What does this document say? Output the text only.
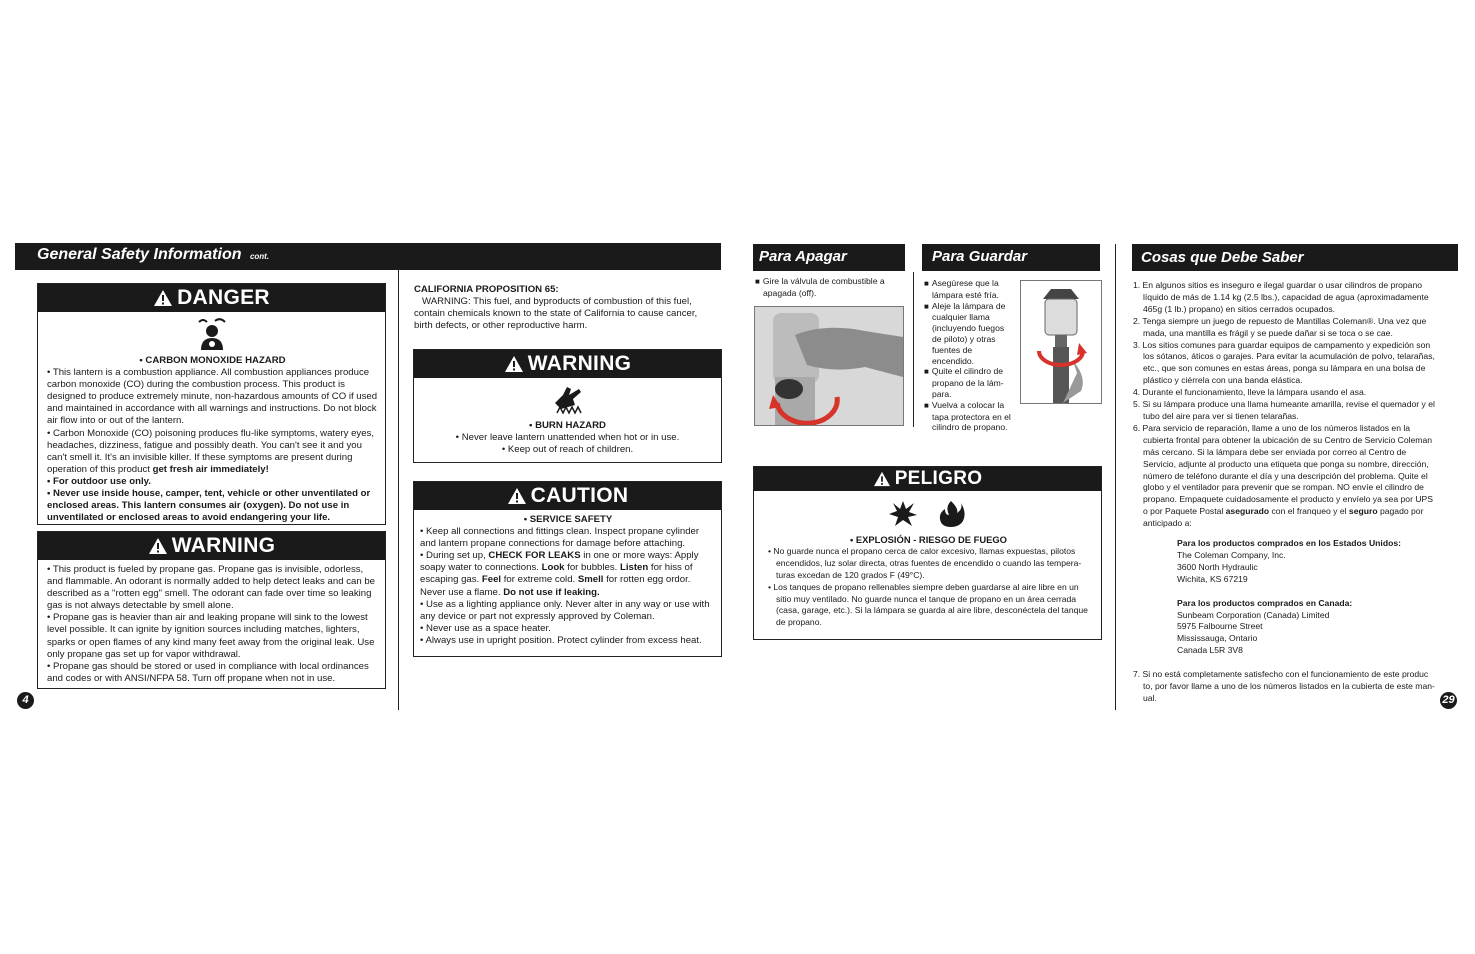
General Safety Information cont.
DANGER

• CARBON MONOXIDE HAZARD

• This lantern is a combustion appliance. All combustion appliances produce carbon monoxide (CO) during the combustion process. This product is designed to produce extremely minute, non-hazardous amounts of CO if used and maintained in accordance with all warnings and instructions. Do not block air flow into or out of the lantern.

• Carbon Monoxide (CO) poisoning produces flu-like symptoms, watery eyes, headaches, dizziness, fatigue and possibly death. You can't see it and you can't smell it. It's an invisible killer. If these symptoms are present during operation of this product get fresh air immediately!

• For outdoor use only.

• Never use inside house, camper, tent, vehicle or other unventilated or enclosed areas. This lantern consumes air (oxygen). Do not use in unventilated or enclosed areas to avoid endangering your life.

WARNING

• This product is fueled by propane gas. Propane gas is invisible, odorless, and flammable. An odorant is normally added to help detect leaks and can be described as a "rotten egg" smell. The odorant can fade over time so leaking gas is not always detectable by smell alone.

• Propane gas is heavier than air and leaking propane will sink to the lowest level possible. It can ignite by ignition sources including matches, lighters, sparks or open flames of any kind many feet away from the original leak. Use only propane gas set up for vapor withdrawal.

• Propane gas should be stored or used in compliance with local ordinances and codes or with ANSI/NFPA 58. Turn off propane when not in use.

4

CALIFORNIA PROPOSITION 65:

WARNING: This fuel, and byproducts of combustion of this fuel, contain chemicals known to the state of California to cause cancer, birth defects, or other reproductive harm.

WARNING

• BURN HAZARD

• Never leave lantern unattended when hot or in use.

• Keep out of reach of children.

CAUTION

• SERVICE SAFETY

• Keep all connections and fittings clean. Inspect propane cylinder and lantern propane connections for damage before attaching.

• During set up, CHECK FOR LEAKS in one or more ways: Apply soapy water to connections. Look for bubbles. Listen for hiss of escaping gas. Feel for extreme cold. Smell for rotten egg ordor. Never use a flame. Do not use if leaking.

• Use as a lighting appliance only. Never alter in any way or use with any device or part not expressly approved by Coleman.

• Never use as a space heater.

• Always use in upright position. Protect cylinder from excess heat.

Para Apagar	Para Guardar	Cosas que Debe Saber

■ Gire la válvula de combustible a apagada (off).

■ Asegúrese que la lámpara esté fría.

■ Aleje la lámpara de cualquier llama (incluyendo fuegos de piloto) y otras fuentes de encendido.

■ Quite el cilindro de propano de la lám-para.

■ Vuelva a colocar la tapa protectora en el cilindro de propano.

PELIGRO

• EXPLOSIÓN - RIESGO DE FUEGO

• No guarde nunca el propano cerca de calor excesivo, llamas expuestas, pilotos encendidos, luz solar directa, otras fuentes de encendido o cuando las tempera-turas excedan de 120 grados F (49°C).

• Los tanques de propano rellenables siempre deben guardarse al aire libre en un sitio muy ventilado. No guarde nunca el tanque de propano en un área cerrada (casa, garage, etc.). Si la lámpara se guarda al aire libre, desconéctela del tanque de propano.

1. En algunos sitios es inseguro e ilegal guardar o usar cilindros de propano líquido de más de 1.14 kg (2.5 lbs.), capacidad de agua (aproximadamente 465g (1 lb.) propano) en sitios cerrados ocupados.
2. Tenga siempre un juego de repuesto de Mantillas Coleman®. Una vez que mada, una mantilla es frágil y se puede dañar si se toca o se cae.
3. Los sitios comunes para guardar equipos de campamento y expedición son los sótanos, áticos o garajes. Para evitar la acumulación de polvo, telarañas, etc., que son comunes en estas áreas, ponga su lámpara en una bolsa de plástico y ciérrela con una banda elástica.
4. Durante el funcionamiento, lleve la lámpara usando el asa.
5. Si su lámpara produce una llama humeante amarilla, revise el quemador y el tubo del aire para ver si tienen telarañas.
6. Para servicio de reparación, llame a uno de los números listados en la cubierta frontal para obtener la ubicación de su Centro de Servicio Coleman más cercano. Si la lámpara debe ser enviada por correo al Centro de Servicio, adjunte al producto una etiqueta que ponga su nombre, dirección, número de teléfono durante el día y una descripción del problema. Quite el globo y el ventilador para prevenir que se rompan. NO envíe el cilindro de propano. Empaquete cuidadosamente el producto y envíelo ya sea por UPS o por Paquete Postal asegurado con el franqueo y el seguro pagado por anticipado a:

Para los productos comprados en los Estados Unidos:

The Coleman Company, Inc.

3600 North Hydraulic

Wichita, KS 67219

Para los productos comprados en Canada:

Sunbeam Corporation (Canada) Limited

5975 Falbourne Street

Mississauga, Ontario

Canada L5R 3V8

7. Si no está completamente satisfecho con el funcionamiento de este produc to, por favor llame a uno de los números listados en la cubierta de este man-ual.	29
